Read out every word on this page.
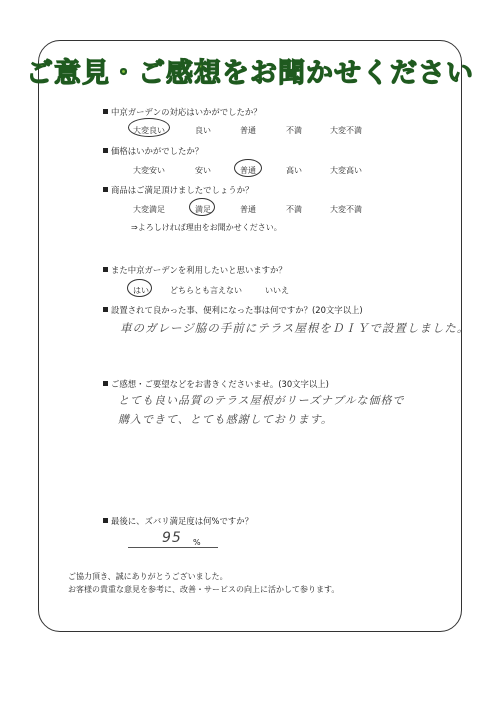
ご意見・ご感想をお聞かせください
中京ガーデンの対応はいかがでしたか？
大変良い	良い	普通	不満	大変不満
価格はいかがでしたか？
大変安い	安い	普通	高い	大変高い
商品はご満足頂けましたでしょうか？
大変満足	満足	普通	不満	大変不満
⇒よろしければ理由をお聞かせください。
また中京ガーデンを利用したいと思いますか？
はい	どちらとも言えない	いいえ
設置されて良かった事、便利になった事は何ですか？(20文字以上)
車のガレージ脇の手前にテラス屋根をＤＩＹで設置しました。
ご感想・ご要望などをお書きくださいませ。(30文字以上)
とても良い品質のテラス屋根がリーズナブルな価格で
購入できて、とても感謝しております。
最後に、ズバリ満足度は何%ですか？
95 %
ご協力頂き、誠にありがとうございました。
お客様の貴重な意見を参考に、改善・サービスの向上に活かして参ります。
